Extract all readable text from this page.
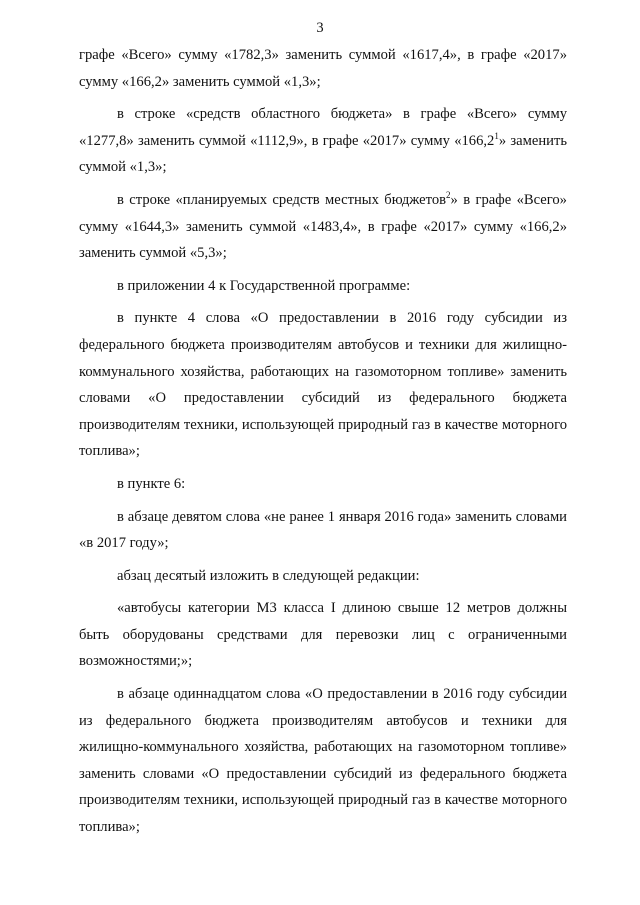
3

графе «Всего» сумму «1782,3» заменить суммой «1617,4», в графе «2017» сумму «166,2» заменить суммой «1,3»;

в строке «средств областного бюджета» в графе «Всего» сумму «1277,8» заменить суммой «1112,9», в графе «2017» сумму «166,2$^1$» заменить суммой «1,3»;

в строке «планируемых средств местных бюджетов$^2$» в графе «Всего» сумму «1644,3» заменить суммой «1483,4», в графе «2017» сумму «166,2» заменить суммой «5,3»;

в приложении 4 к Государственной программе:

в пункте 4 слова «О предоставлении в 2016 году субсидии из федерального бюджета производителям автобусов и техники для жилищно-коммунального хозяйства, работающих на газомоторном топливе» заменить словами «О предоставлении субсидий из федерального бюджета производителям техники, использующей природный газ в качестве моторного топлива»;

в пункте 6:

в абзаце девятом слова «не ранее 1 января 2016 года» заменить словами «в 2017 году»;

абзац десятый изложить в следующей редакции:

«автобусы категории М3 класса I длиною свыше 12 метров должны быть оборудованы средствами для перевозки лиц с ограниченными возможностями;»;

в абзаце одиннадцатом слова «О предоставлении в 2016 году субсидии из федерального бюджета производителям автобусов и техники для жилищно-коммунального хозяйства, работающих на газомоторном топливе» заменить словами «О предоставлении субсидий из федерального бюджета производителям техники, использующей природный газ в качестве моторного топлива»;
